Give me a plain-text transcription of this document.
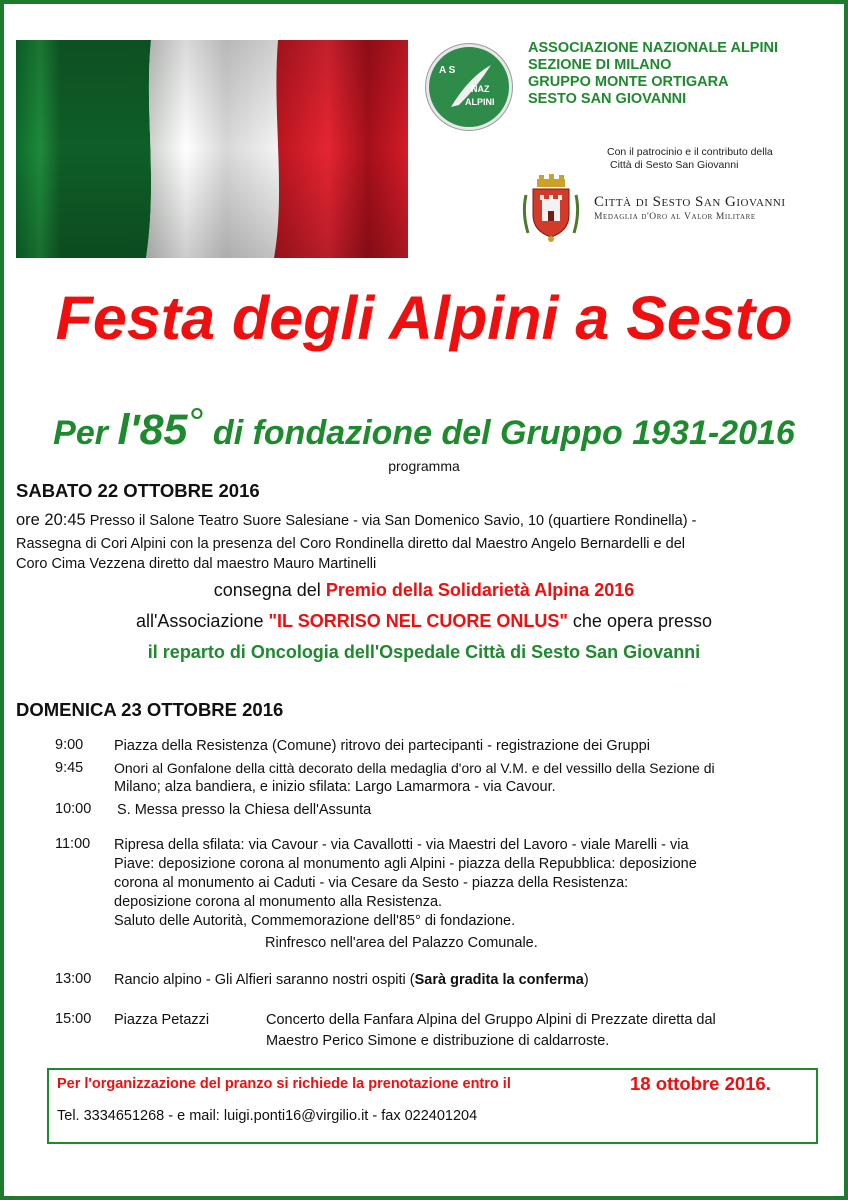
A S
NAZ
ALPINI
ASSOCIAZIONE NAZIONALE ALPINI
SEZIONE DI MILANO
GRUPPO MONTE ORTIGARA
SESTO SAN GIOVANNI
Con il patrocinio e il contributo della
Città di Sesto San Giovanni
Città di Sesto San Giovanni
Medaglia d'Oro al Valor Militare
Festa degli Alpini a Sesto
Per l'85° di fondazione del Gruppo 1931-2016
programma
SABATO 22 OTTOBRE 2016
ore 20:45 Presso il Salone Teatro Suore Salesiane - via San Domenico Savio, 10 (quartiere Rondinella) -
Rassegna di Cori Alpini con la presenza del Coro Rondinella diretto dal Maestro Angelo Bernardelli e del
Coro Cima Vezzena diretto dal maestro Mauro Martinelli
consegna del Premio della Solidarietà Alpina 2016
all'Associazione "IL SORRISO NEL CUORE ONLUS" che opera presso
il reparto di Oncologia dell'Ospedale Città di Sesto San Giovanni
DOMENICA 23 OTTOBRE 2016
9:00 Piazza della Resistenza (Comune) ritrovo dei partecipanti - registrazione dei Gruppi
9:45 Onori al Gonfalone della città decorato della medaglia d'oro al V.M. e del vessillo della Sezione di
Milano; alza bandiera, e inizio sfilata: Largo Lamarmora - via Cavour.
10:00 S. Messa presso la Chiesa dell'Assunta
11:00 Ripresa della sfilata: via Cavour - via Cavallotti - via Maestri del Lavoro - viale Marelli - via
Piave: deposizione corona al monumento agli Alpini - piazza della Repubblica: deposizione
corona al monumento ai Caduti - via Cesare da Sesto - piazza della Resistenza:
deposizione corona al monumento alla Resistenza.
Saluto delle Autorità, Commemorazione dell'85° di fondazione.
Rinfresco nell'area del Palazzo Comunale.
13:00 Rancio alpino - Gli Alfieri saranno nostri ospiti (Sarà gradita la conferma)
15:00 Piazza Petazzi	Concerto della Fanfara Alpina del Gruppo Alpini di Prezzate diretta dal
Maestro Perico Simone e distribuzione di caldarroste.
Per l'organizzazione del pranzo si richiede la prenotazione entro il	18 ottobre 2016.
Tel. 3334651268 - e mail: luigi.ponti16@virgilio.it - fax 022401204
